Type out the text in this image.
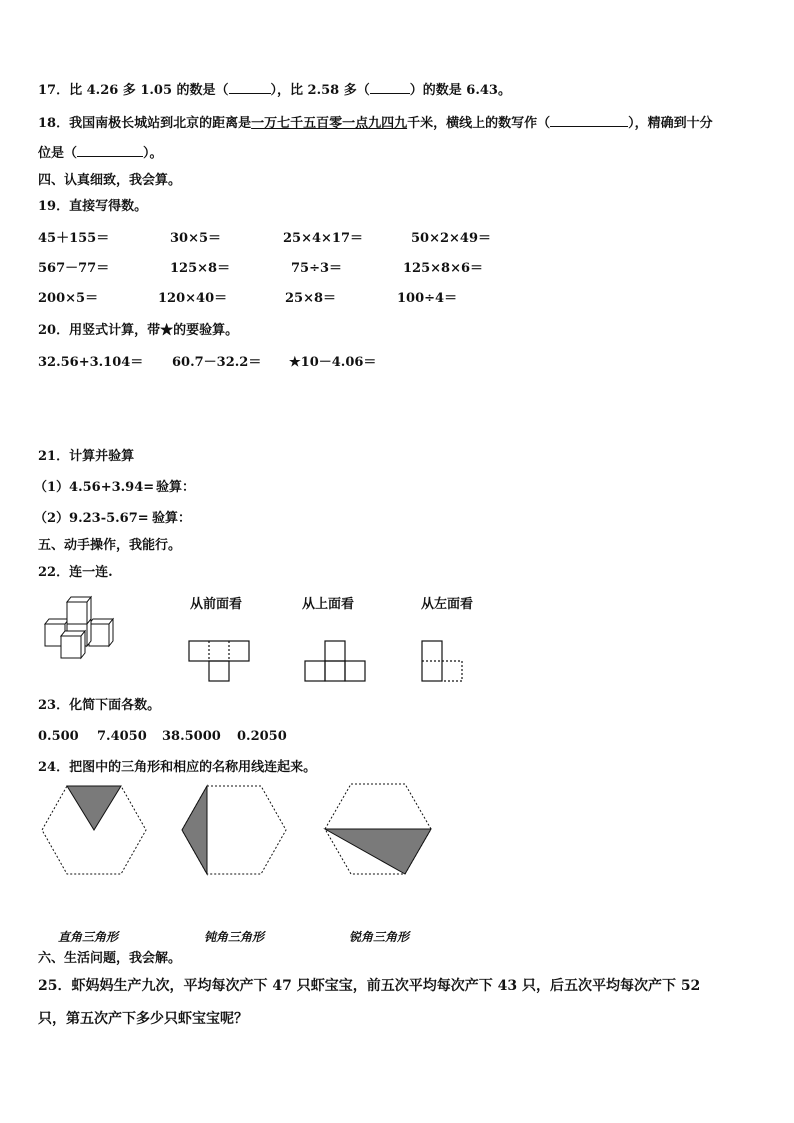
17．比 4.26 多 1.05 的数是（	），比 2.58 多（	）的数是 6.43。
18．我国南极长城站到北京的距离是一万七千五百零一点九四九千米，横线上的数写作（	），精确到十分
位是（	）。
四、认真细致，我会算。
19．直接写得数。
45＋155＝	30×5＝	25×4×17＝	50×2×49＝
567－77＝	125×8＝	75÷3＝	125×8×6＝
200×5＝	120×40＝	25×8＝	100÷4＝
20．用竖式计算，带★的要验算。
32.56+3.104＝ 60.7－32.2＝ ★10－4.06＝
21．计算并验算
（1）4.56+3.94= 验算：
（2）9.23-5.67= 验算：
五、动手操作，我能行。
22．连一连.
从前面看	从上面看	从左面看
23．化简下面各数。
0.500 7.4050 38.5000 0.2050
24．把图中的三角形和相应的名称用线连起来。
直角三角形	钝角三角形	锐角三角形
六、生活问题，我会解。
25．虾妈妈生产九次，平均每次产下 47 只虾宝宝，前五次平均每次产下 43 只，后五次平均每次产下 52
只，第五次产下多少只虾宝宝呢？
